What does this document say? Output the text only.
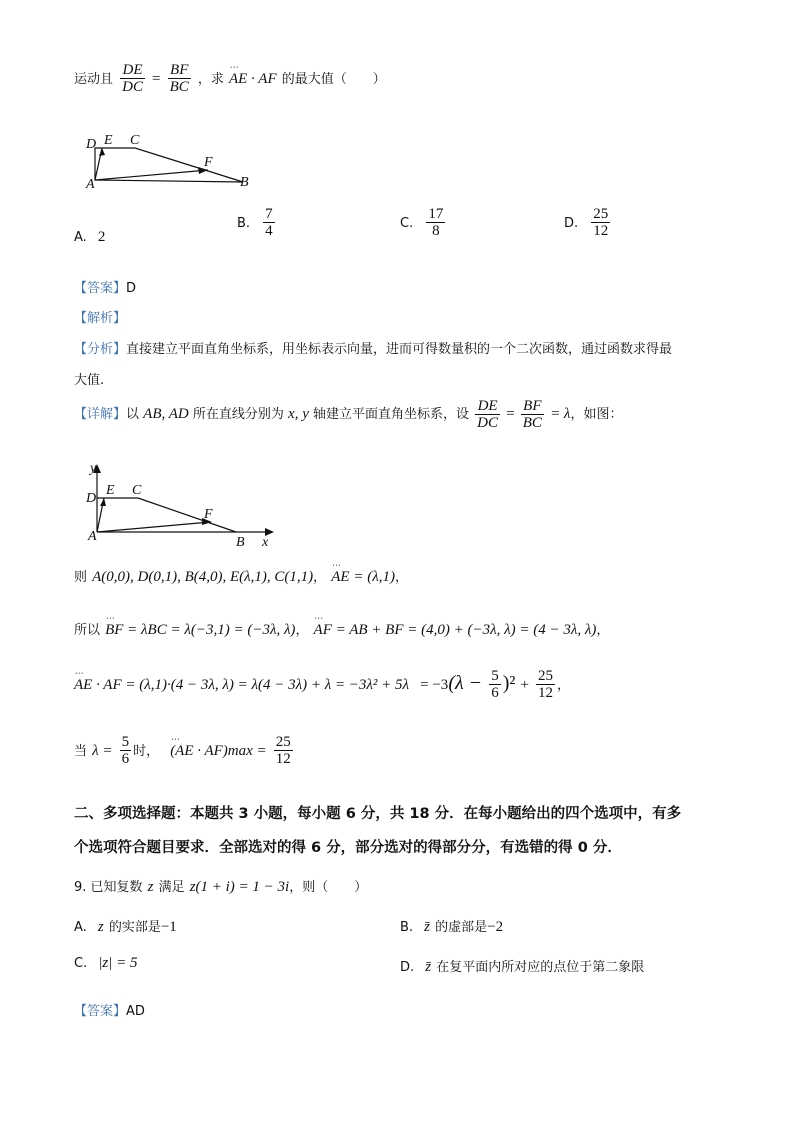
运动且 $\frac{DE}{DC} = \frac{BF}{BC}$ ，求 ⋯ AE · AF 的最大值（　　）
D E C
F
A	B
A. 2
B. $\frac{7}{4}$	C. $\frac{17}{8}$	D. $\frac{25}{12}$
【答案】D
【解析】
【分析】直接建立平面直角坐标系，用坐标表示向量，进而可得数量积的一个二次函数，通过函数求得最
大值.
【详解】以 AB, AD 所在直线分别为 x, y 轴建立平面直角坐标系，设 $\frac{DE}{DC} = \frac{BF}{BC} = \lambda$，如图：
y
D
E C
F
A	B x
则 A(0,0), D(0,1), B(4,0), E(λ,1), C(1,1)， ⋯ AE = (λ,1)，
所以 ⋯ BF = λBC = λ(−3,1) = (−3λ, λ)， ⋯ AF = AB + BF = (4,0) + (−3λ, λ) = (4 − 3λ, λ)，
⋯ AE · AF = (λ,1)·(4 − 3λ, $\lambda) = \lambda(4 - 3\lambda) + \lambda = -3\lambda^2 + 5\lambda = -3(\lambda - \frac{5}{6} )^2 + \frac{25}{12}$ ，
当 $\lambda = \frac{5}{6}$ 时， ⋯ $(AE \cdot AF)\max = \frac{25}{12}$
二、多项选择题：本题共 3 小题，每小题 6 分，共 18 分．在每小题给出的四个选项中，有多
个选项符合题目要求．全部选对的得 6 分，部分选对的得部分分，有选错的得 0 分．
9. 已知复数 z 满足 z(1 + i) = 1 − 3i，则（　　）
A. z 的实部是−1	B. z̄ 的虚部是−2
C. |z| = 5	D. z̄ 在复平面内所对应的点位于第二象限
【答案】AD
